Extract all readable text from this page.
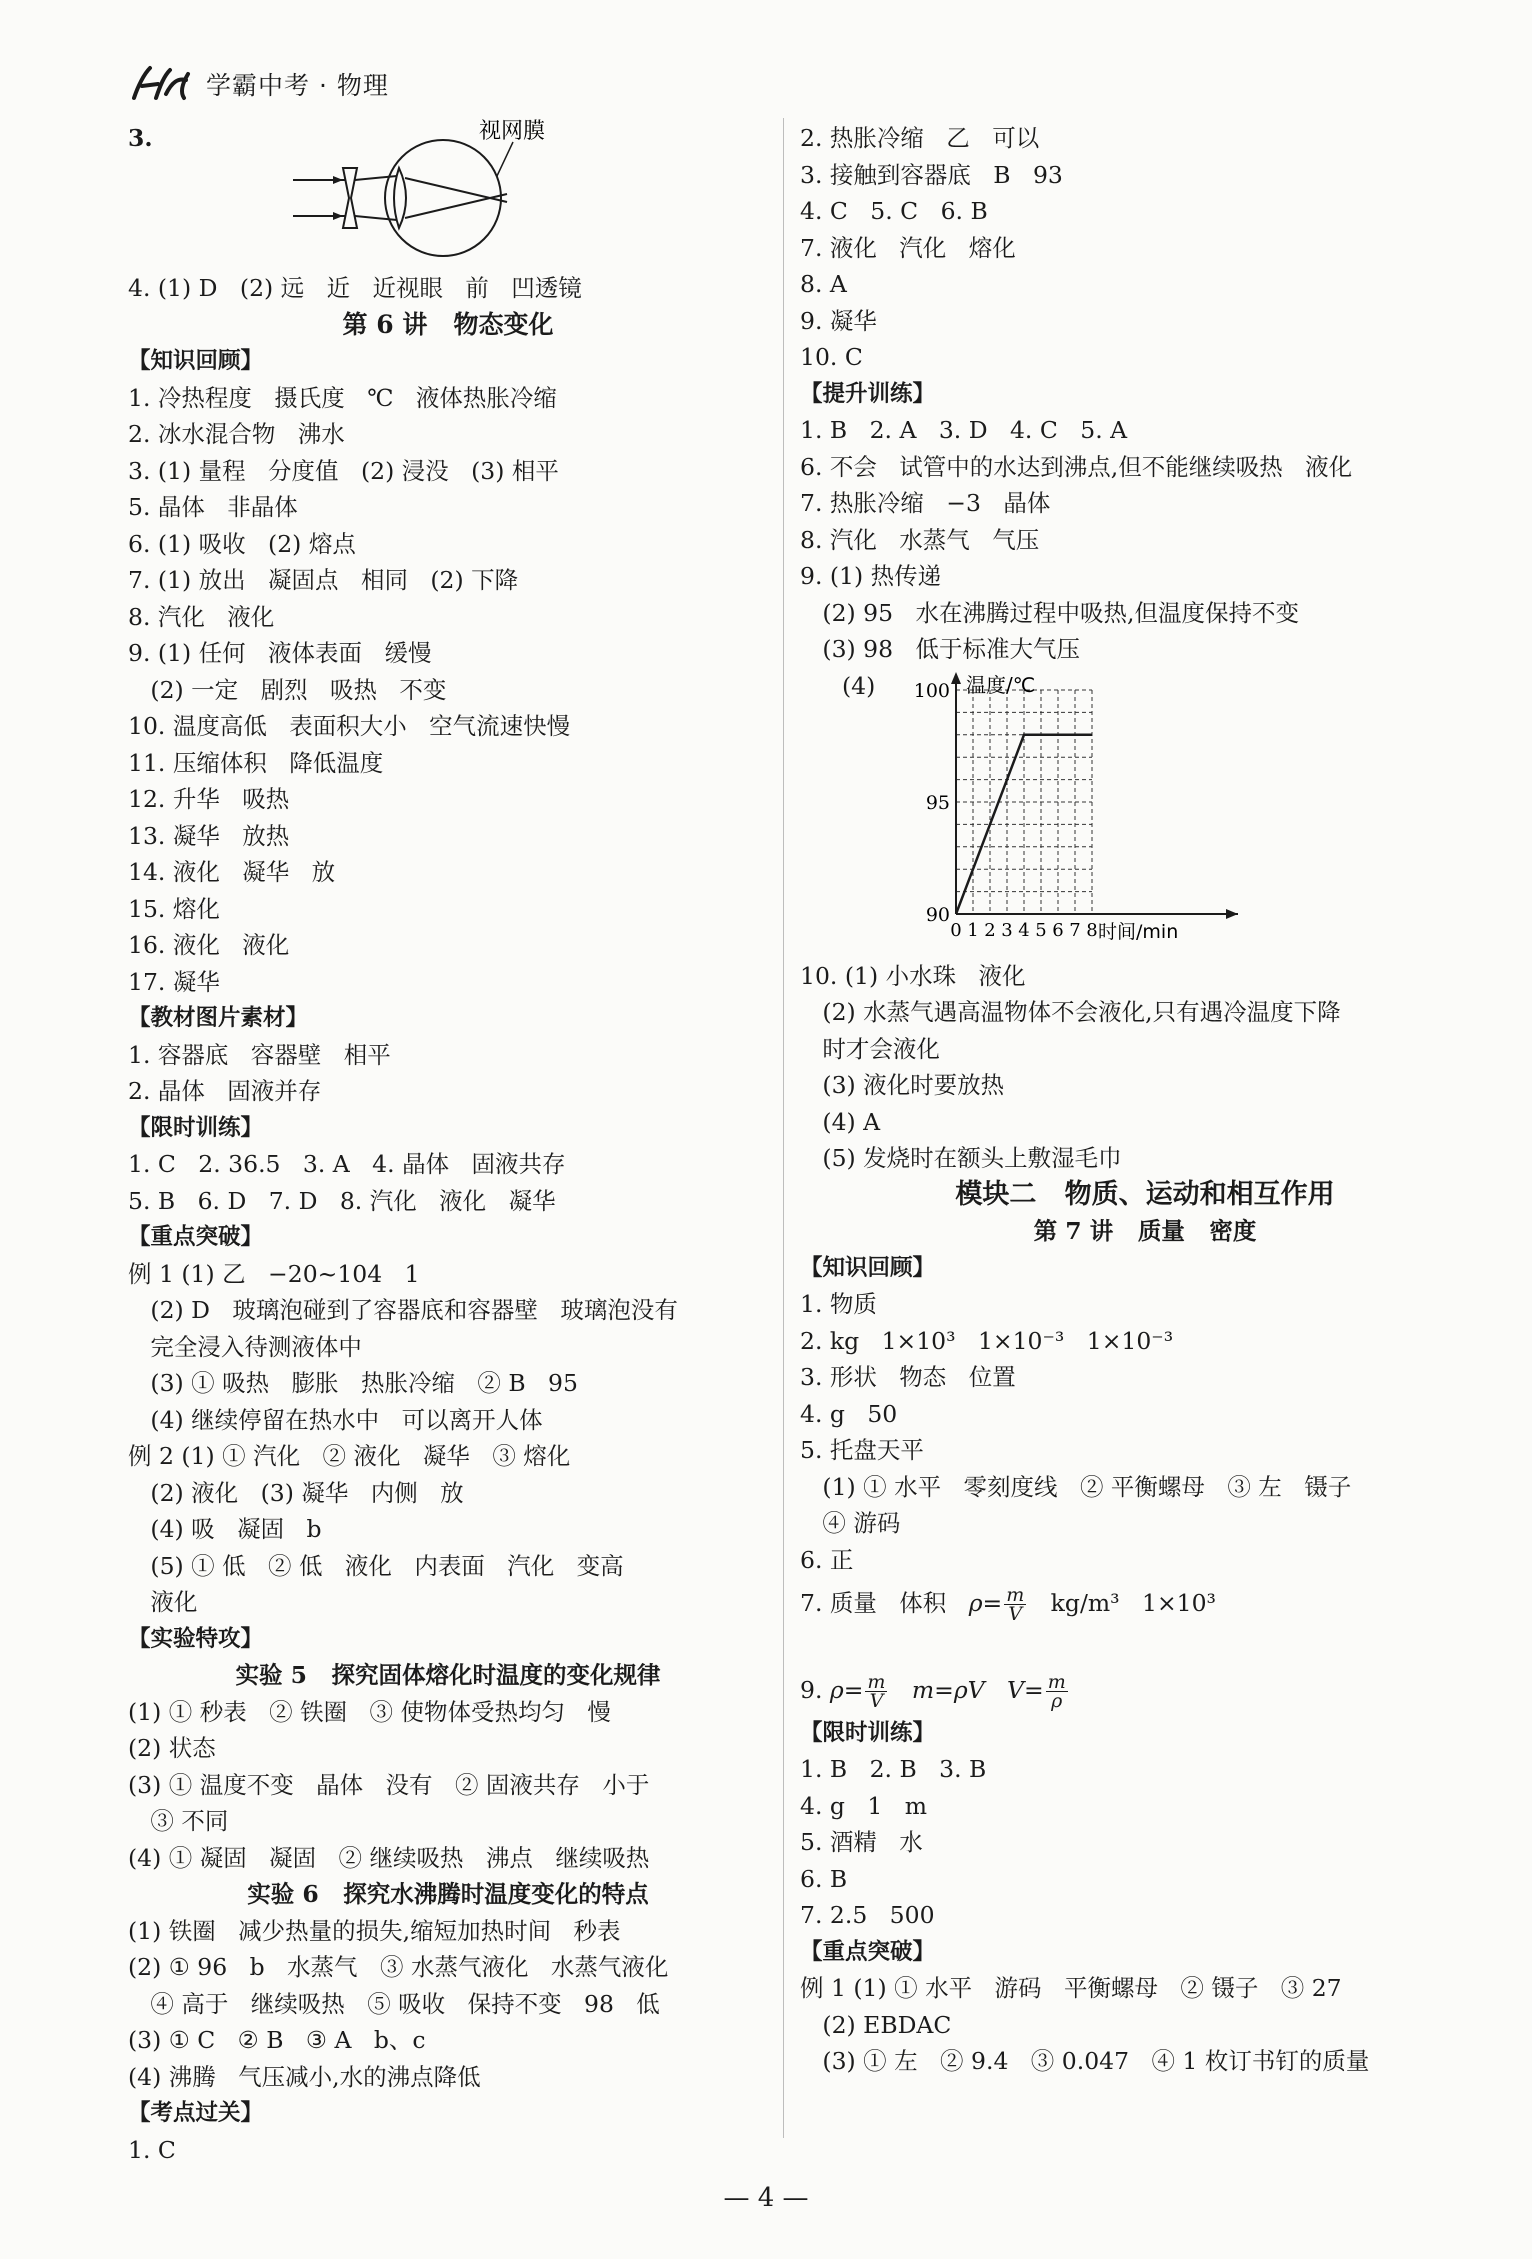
学霸中考 · 物理
3.	视网膜
4. (1) D   (2) 远   近   近视眼   前   凹透镜
第 6 讲   物态变化
【知识回顾】
1. 冷热程度   摄氏度   ℃   液体热胀冷缩
2. 冰水混合物   沸水
3. (1) 量程   分度值   (2) 浸没   (3) 相平
5. 晶体   非晶体
6. (1) 吸收   (2) 熔点
7. (1) 放出   凝固点   相同   (2) 下降
8. 汽化   液化
9. (1) 任何   液体表面   缓慢
(2) 一定   剧烈   吸热   不变
10. 温度高低   表面积大小   空气流速快慢
11. 压缩体积   降低温度
12. 升华   吸热
13. 凝华   放热
14. 液化   凝华   放
15. 熔化
16. 液化   液化
17. 凝华
【教材图片素材】
1. 容器底   容器壁   相平
2. 晶体   固液并存
【限时训练】
1. C   2. 36.5   3. A   4. 晶体   固液共存
5. B   6. D   7. D   8. 汽化   液化   凝华
【重点突破】
例 1 (1) 乙   −20~104   1
(2) D   玻璃泡碰到了容器底和容器壁   玻璃泡没有
完全浸入待测液体中
(3) ① 吸热   膨胀   热胀冷缩   ② B   95
(4) 继续停留在热水中   可以离开人体
例 2 (1) ① 汽化   ② 液化   凝华   ③ 熔化
(2) 液化   (3) 凝华   内侧   放
(4) 吸   凝固   b
(5) ① 低   ② 低   液化   内表面   汽化   变高
液化
【实验特攻】
实验 5   探究固体熔化时温度的变化规律
(1) ① 秒表   ② 铁圈   ③ 使物体受热均匀   慢
(2) 状态
(3) ① 温度不变   晶体   没有   ② 固液共存   小于
③ 不同
(4) ① 凝固   凝固   ② 继续吸热   沸点   继续吸热
实验 6   探究水沸腾时温度变化的特点
(1) 铁圈   减少热量的损失,缩短加热时间   秒表
(2) ① 96   b   水蒸气   ③ 水蒸气液化   水蒸气液化
④ 高于   继续吸热   ⑤ 吸收   保持不变   98   低
(3) ① C   ② B   ③ A   b、c
(4) 沸腾   气压减小,水的沸点降低
【考点过关】
1. C
2. 热胀冷缩   乙   可以
3. 接触到容器底   B   93
4. C   5. C   6. B
7. 液化   汽化   熔化
8. A
9. 凝华
10. C
【提升训练】
1. B   2. A   3. D   4. C   5. A
6. 不会   试管中的水达到沸点,但不能继续吸热   液化
7. 热胀冷缩   −3   晶体
8. 汽化   水蒸气   气压
9. (1) 热传递
(2) 95   水在沸腾过程中吸热,但温度保持不变
(3) 98   低于标准大气压
(4)
90
95
100
0 1 2 3 4 5 6 7 8
温度/℃
时间/min
10. (1) 小水珠   液化
(2) 水蒸气遇高温物体不会液化,只有遇冷温度下降
时才会液化
(3) 液化时要放热
(4) A
(5) 发烧时在额头上敷湿毛巾
模块二   物质、运动和相互作用
第 7 讲   质量   密度
【知识回顾】
1. 物质
2. kg   1×10³   1×10⁻³   1×10⁻³
3. 形状   物态   位置
4. g   50
5. 托盘天平
(1) ① 水平   零刻度线   ② 平衡螺母   ③ 左   镊子
④ 游码
6. 正
7. 质量   体积   $\rho= \frac{m}{V} kg/m^3$   1×10³
9. $\rho= \frac{m}{V} m=\rho V$   $V= \frac{m}{\rho}$
【限时训练】
1. B   2. B   3. B
4. g   1   m
5. 酒精   水
6. B
7. 2.5   500
【重点突破】
例 1 (1) ① 水平   游码   平衡螺母   ② 镊子   ③ 27
(2) EBDAC
(3) ① 左   ② 9.4   ③ 0.047   ④ 1 枚订书钉的质量
— 4 —
